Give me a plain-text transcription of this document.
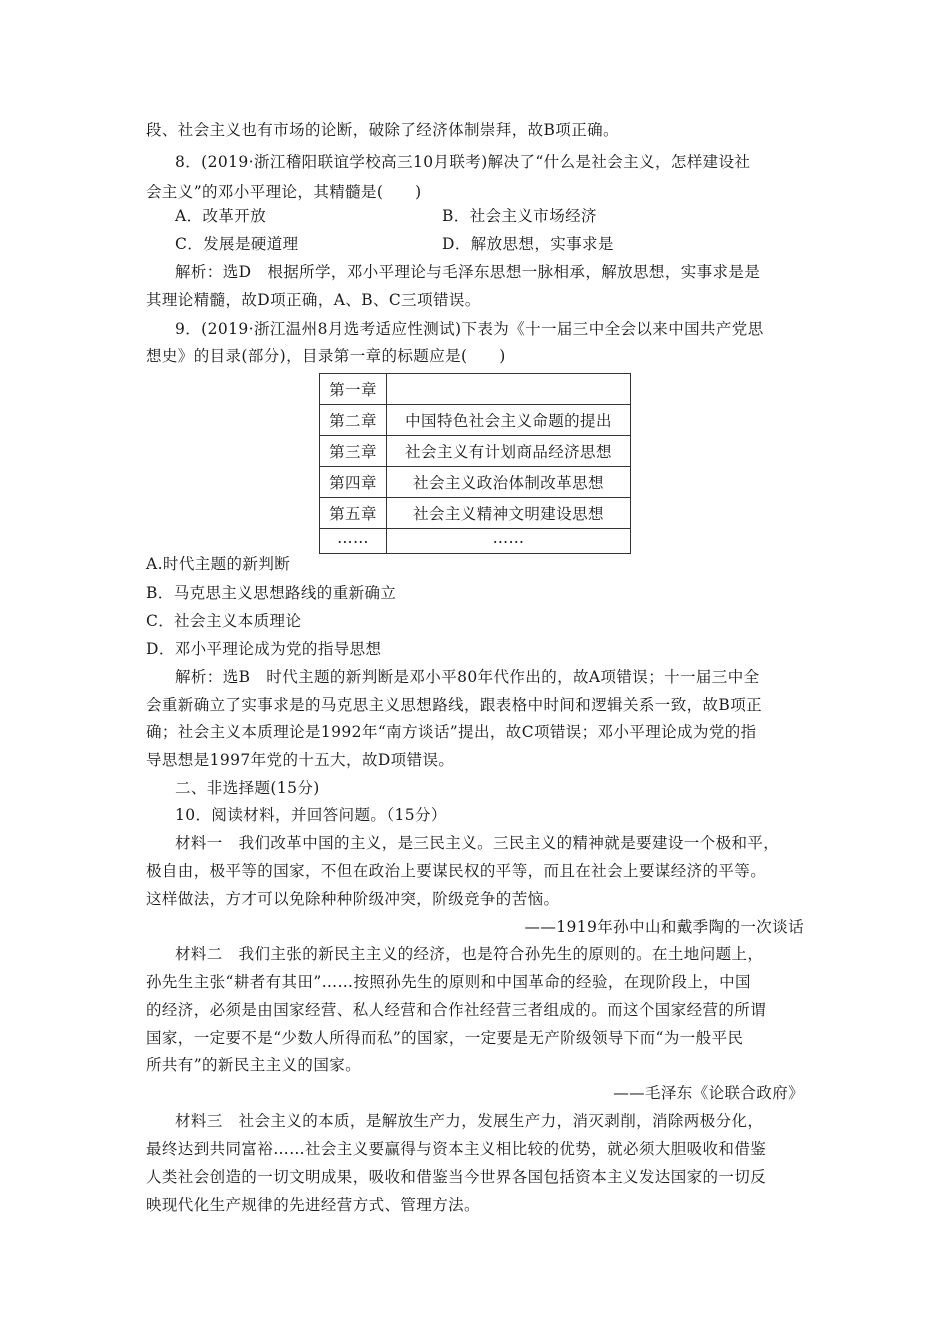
段、社会主义也有市场的论断，破除了经济体制崇拜，故B项正确。
8．(2019·浙江稽阳联谊学校高三10月联考)解决了“什么是社会主义，怎样建设社
会主义”的邓小平理论，其精髓是(　　)
A．改革开放	B．社会主义市场经济
C．发展是硬道理	D．解放思想，实事求是
解析：选D　根据所学，邓小平理论与毛泽东思想一脉相承，解放思想，实事求是是
其理论精髓，故D项正确，A、B、C三项错误。
9．(2019·浙江温州8月选考适应性测试)下表为《十一届三中全会以来中国共产党思
想史》的目录(部分)，目录第一章的标题应是(　　)
第一章	
第二章	中国特色社会主义命题的提出
第三章	社会主义有计划商品经济思想
第四章	社会主义政治体制改革思想
第五章	社会主义精神文明建设思想
……	……
A.时代主题的新判断
B．马克思主义思想路线的重新确立
C．社会主义本质理论
D．邓小平理论成为党的指导思想
解析：选B　时代主题的新判断是邓小平80年代作出的，故A项错误；十一届三中全
会重新确立了实事求是的马克思主义思想路线，跟表格中时间和逻辑关系一致，故B项正
确；社会主义本质理论是1992年“南方谈话”提出，故C项错误；邓小平理论成为党的指
导思想是1997年党的十五大，故D项错误。
二、非选择题(15分)
10．阅读材料，并回答问题。（15分）
材料一　我们改革中国的主义，是三民主义。三民主义的精神就是要建设一个极和平，
极自由，极平等的国家，不但在政治上要谋民权的平等，而且在社会上要谋经济的平等。
这样做法，方才可以免除种种阶级冲突，阶级竞争的苦恼。
——1919年孙中山和戴季陶的一次谈话
材料二　我们主张的新民主主义的经济，也是符合孙先生的原则的。在土地问题上，
孙先生主张“耕者有其田”……按照孙先生的原则和中国革命的经验，在现阶段上，中国
的经济，必须是由国家经营、私人经营和合作社经营三者组成的。而这个国家经营的所谓
国家，一定要不是“少数人所得而私”的国家，一定要是无产阶级领导下而“为一般平民
所共有”的新民主主义的国家。
——毛泽东《论联合政府》
材料三　社会主义的本质，是解放生产力，发展生产力，消灭剥削，消除两极分化，
最终达到共同富裕……社会主义要赢得与资本主义相比较的优势，就必须大胆吸收和借鉴
人类社会创造的一切文明成果，吸收和借鉴当今世界各国包括资本主义发达国家的一切反
映现代化生产规律的先进经营方式、管理方法。
